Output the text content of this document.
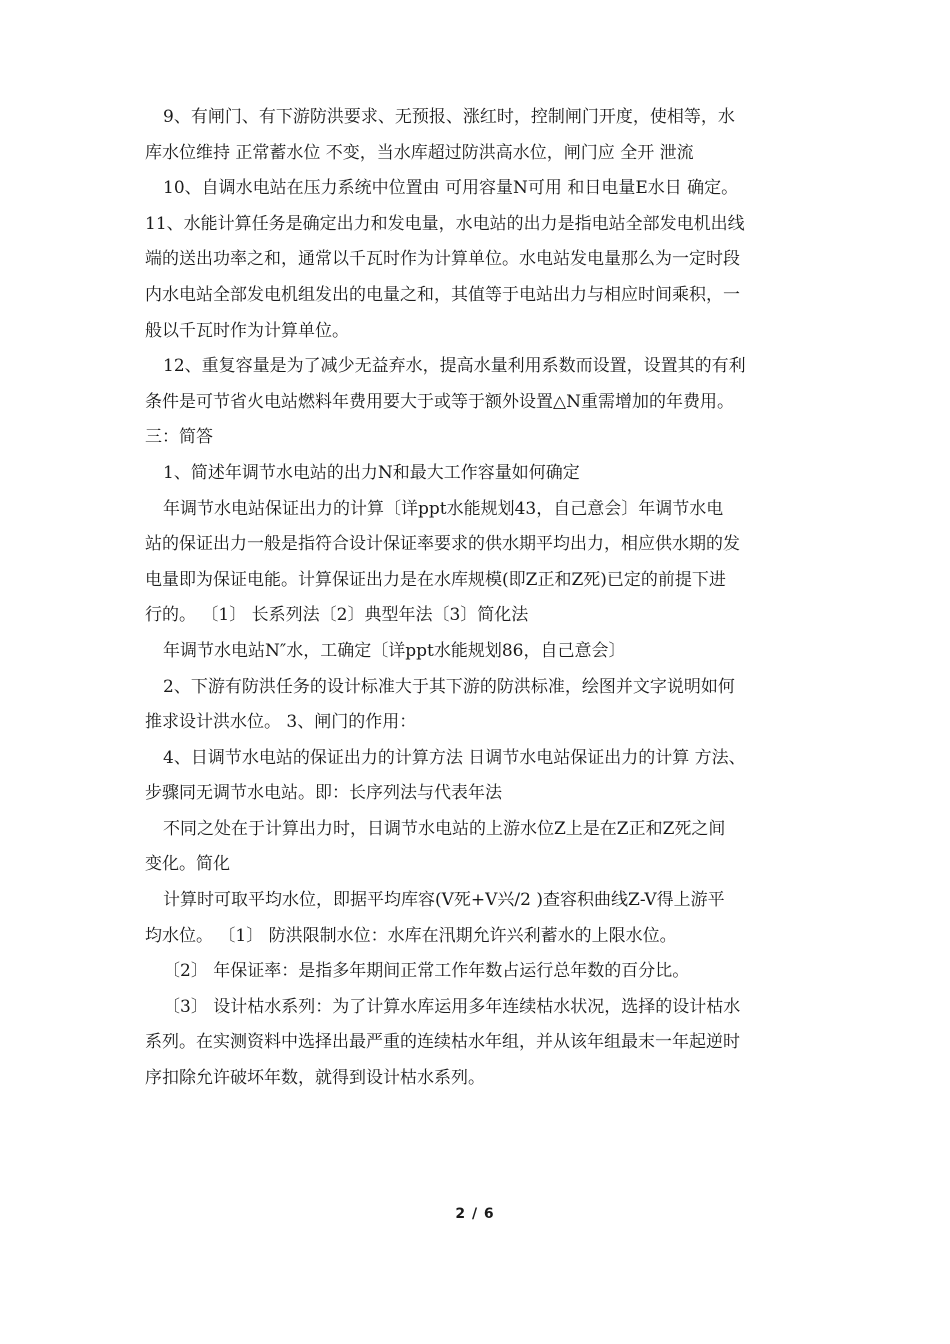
9、有闸门、有下游防洪要求、无预报、涨红时，控制闸门开度，使相等，水

库水位维持 正常蓄水位 不变，当水库超过防洪高水位，闸门应 全开 泄流

10、自调水电站在压力系统中位置由 可用容量N可用 和日电量E水日 确定。

11、水能计算任务是确定出力和发电量，水电站的出力是指电站全部发电机出线

端的送出功率之和，通常以千瓦时作为计算单位。水电站发电量那么为一定时段

内水电站全部发电机组发出的电量之和，其值等于电站出力与相应时间乘积，一

般以千瓦时作为计算单位。

12、重复容量是为了减少无益弃水，提高水量利用系数而设置，设置其的有利

条件是可节省火电站燃料年费用要大于或等于额外设置△N重需增加的年费用。

三：简答

1、简述年调节水电站的出力N和最大工作容量如何确定

年调节水电站保证出力的计算〔详ppt水能规划43，自己意会〕年调节水电

站的保证出力一般是指符合设计保证率要求的供水期平均出力，相应供水期的发

电量即为保证电能。计算保证出力是在水库规模(即Z正和Z死)已定的前提下进

行的。 〔1〕 长系列法〔2〕典型年法〔3〕简化法

年调节水电站N″水，工确定〔详ppt水能规划86，自己意会〕

2、下游有防洪任务的设计标准大于其下游的防洪标准，绘图并文字说明如何

推求设计洪水位。 3、闸门的作用：

4、日调节水电站的保证出力的计算方法 日调节水电站保证出力的计算 方法、

步骤同无调节水电站。即：长序列法与代表年法

不同之处在于计算出力时，日调节水电站的上游水位Z上是在Z正和Z死之间

变化。简化

计算时可取平均水位，即据平均库容(V死+V兴/2 )查容积曲线Z-V得上游平

均水位。 〔1〕 防洪限制水位：水库在汛期允许兴利蓄水的上限水位。

〔2〕 年保证率：是指多年期间正常工作年数占运行总年数的百分比。

〔3〕 设计枯水系列：为了计算水库运用多年连续枯水状况，选择的设计枯水

系列。在实测资料中选择出最严重的连续枯水年组，并从该年组最末一年起逆时

序扣除允许破坏年数，就得到设计枯水系列。

2 / 6
